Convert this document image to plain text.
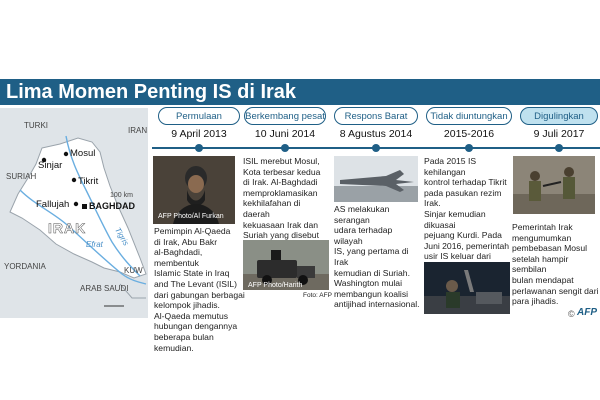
Lima Momen Penting IS di Irak
TURKI
IRAN
SURIAH
YORDANIA
ARAB SAUDI
KUW
Mosul
Sinjar
Tikrit
Fallujah BAGHDAD
IRAK
Efrat Tigris
100 km
Permulaan
9 April 2013
AFP Photo/Al Furkan
Pemimpin Al-Qaeda
di Irak, Abu Bakr
al-Baghdadi, membentuk
Islamic State in Iraq
and The Levant (ISIL)
dari gabungan berbagai
kelompok jihadis.
Al-Qaeda memutus
hubungan dengannya
beberapa bulan kemudian.
Berkembang pesat
10 Juni 2014
ISIL merebut Mosul,
Kota terbesar kedua
di Irak. Al-Baghdadi
memproklamasikan
kekhilafahan di daerah
kekuasaan Irak dan
Suriah yang disebut
AFP Photo/Harith
Foto: AFP
Respons Barat
8 Agustus 2014
AS melakukan serangan
udara terhadap wilayah
IS, yang pertama di Irak
kemudian di Suriah.
Washington mulai
membangun koalisi
antijihad internasional.
Tidak diuntungkan
2015-2016
Pada 2015 IS kehilangan
kontrol terhadap Tikrit
pada pasukan rezim Irak.
Sinjar kemudian dikuasai
pejuang Kurdi. Pada
Juni 2016, pemerintah
usir IS keluar dari
Digulingkan
9 Juli 2017
Pemerintah Irak
mengumumkan
pembebasan Mosul
setelah hampir sembilan
bulan mendapat
perlawanan sengit dari
para jihadis.
© AFP
